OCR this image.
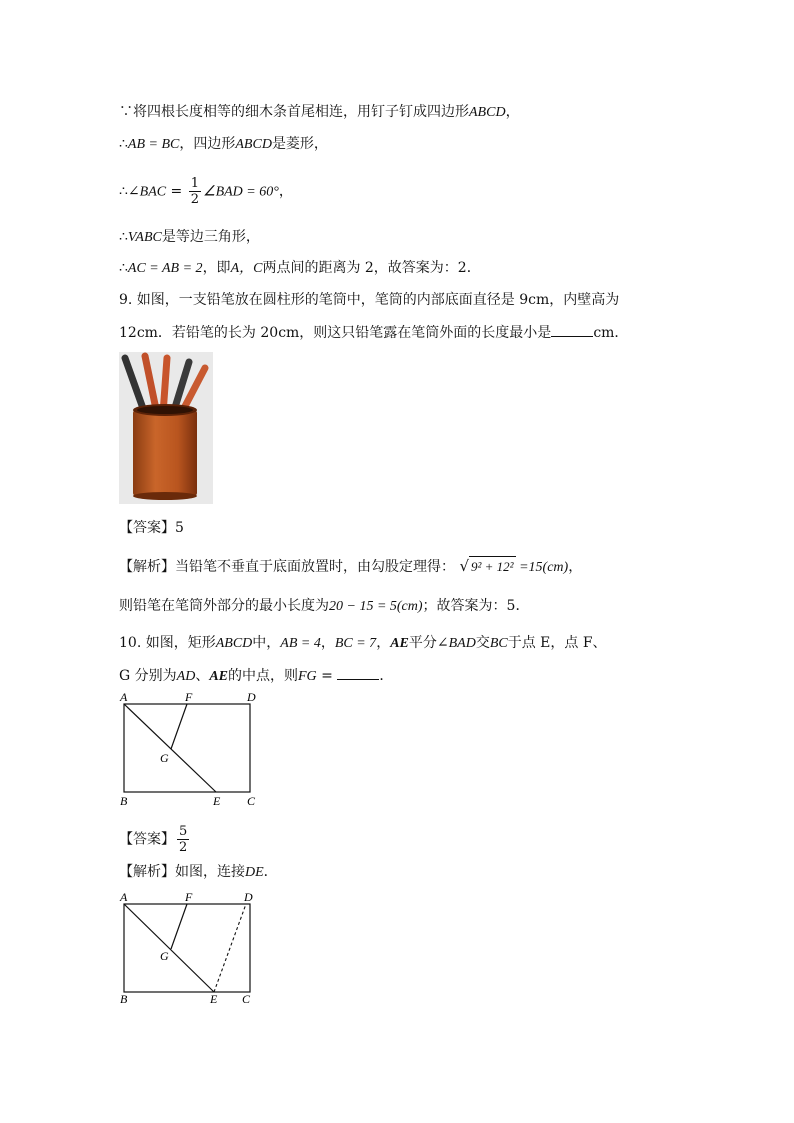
∵将四根长度相等的细木条首尾相连，用钉子钉成四边形ABCD，
∴AB = BC，四边形ABCD是菱形，
∴∠BAC = $\frac{1}{2}$ ∠BAD = 60°，
∴VABC是等边三角形，
∴AC = AB = 2，即A，C两点间的距离为 2，故答案为：2．
9. 如图，一支铅笔放在圆柱形的笔筒中，笔筒的内部底面直径是 9cm，内壁高为
12cm．若铅笔的长为 20cm，则这只铅笔露在笔筒外面的长度最小是	cm．
【答案】5
【解析】当铅笔不垂直于底面放置时，由勾股定理得： √ 9² + 12² =15(cm)，
则铅笔在笔筒外部分的最小长度为20 − 15 = 5(cm)；故答案为：5．
10. 如图，矩形ABCD中，AB = 4，BC = 7，AE平分∠BAD交BC于点 E，点 F、
G 分别为AD、AE的中点，则FG =	．
A	F	D
G
B	E C
【答案】 $\frac{5}{2}$
【解析】如图，连接DE．
A	F	D
G
B	E C
